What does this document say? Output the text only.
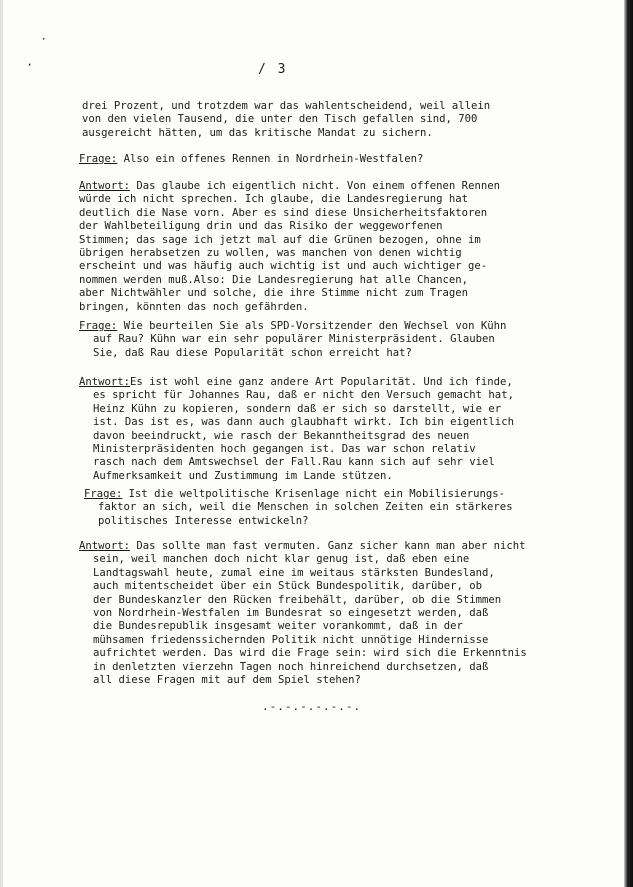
⸱
·	/ 3
drei Prozent, und trotzdem war das wahlentscheidend, weil allein
von den vielen Tausend, die unter den Tisch gefallen sind, 700
ausgereicht hätten, um das kritische Mandat zu sichern.
Frage: Also ein offenes Rennen in Nordrhein-Westfalen?
Antwort: Das glaube ich eigentlich nicht. Von einem offenen Rennen
würde ich nicht sprechen. Ich glaube, die Landesregierung hat
deutlich die Nase vorn. Aber es sind diese Unsicherheitsfaktoren
der Wahlbeteiligung drin und das Risiko der weggeworfenen
Stimmen; das sage ich jetzt mal auf die Grünen bezogen, ohne im
übrigen herabsetzen zu wollen, was manchen von denen wichtig
erscheint und was häufig auch wichtig ist und auch wichtiger ge-
nommen werden muß.Also: Die Landesregierung hat alle Chancen,
aber Nichtwähler und solche, die ihre Stimme nicht zum Tragen
bringen, könnten das noch gefährden.
Frage: Wie beurteilen Sie als SPD-Vorsitzender den Wechsel von Kühn
auf Rau? Kühn war ein sehr populärer Ministerpräsident. Glauben
Sie, daß Rau diese Popularität schon erreicht hat?
Antwort:Es ist wohl eine ganz andere Art Popularität. Und ich finde,
es spricht für Johannes Rau, daß er nicht den Versuch gemacht hat,
Heinz Kühn zu kopieren, sondern daß er sich so darstellt, wie er
ist. Das ist es, was dann auch glaubhaft wirkt. Ich bin eigentlich
davon beeindruckt, wie rasch der Bekanntheitsgrad des neuen
Ministerpräsidenten hoch gegangen ist. Das war schon relativ
rasch nach dem Amtswechsel der Fall.Rau kann sich auf sehr viel
Aufmerksamkeit und Zustimmung im Lande stützen.
Frage: Ist die weltpolitische Krisenlage nicht ein Mobilisierungs-
faktor an sich, weil die Menschen in solchen Zeiten ein stärkeres
politisches Interesse entwickeln?
Antwort: Das sollte man fast vermuten. Ganz sicher kann man aber nicht
sein, weil manchen doch nicht klar genug ist, daß eben eine
Landtagswahl heute, zumal eine im weitaus stärksten Bundesland,
auch mitentscheidet über ein Stück Bundespolitik, darüber, ob
der Bundeskanzler den Rücken freibehält, darüber, ob die Stimmen
von Nordrhein-Westfalen im Bundesrat so eingesetzt werden, daß
die Bundesrepublik insgesamt weiter vorankommt, daß in der
mühsamen friedenssichernden Politik nicht unnötige Hindernisse
aufrichtet werden. Das wird die Frage sein: wird sich die Erkenntnis
in denletzten vierzehn Tagen noch hinreichend durchsetzen, daß
all diese Fragen mit auf dem Spiel stehen?
.-.-.-.-.-.-.
